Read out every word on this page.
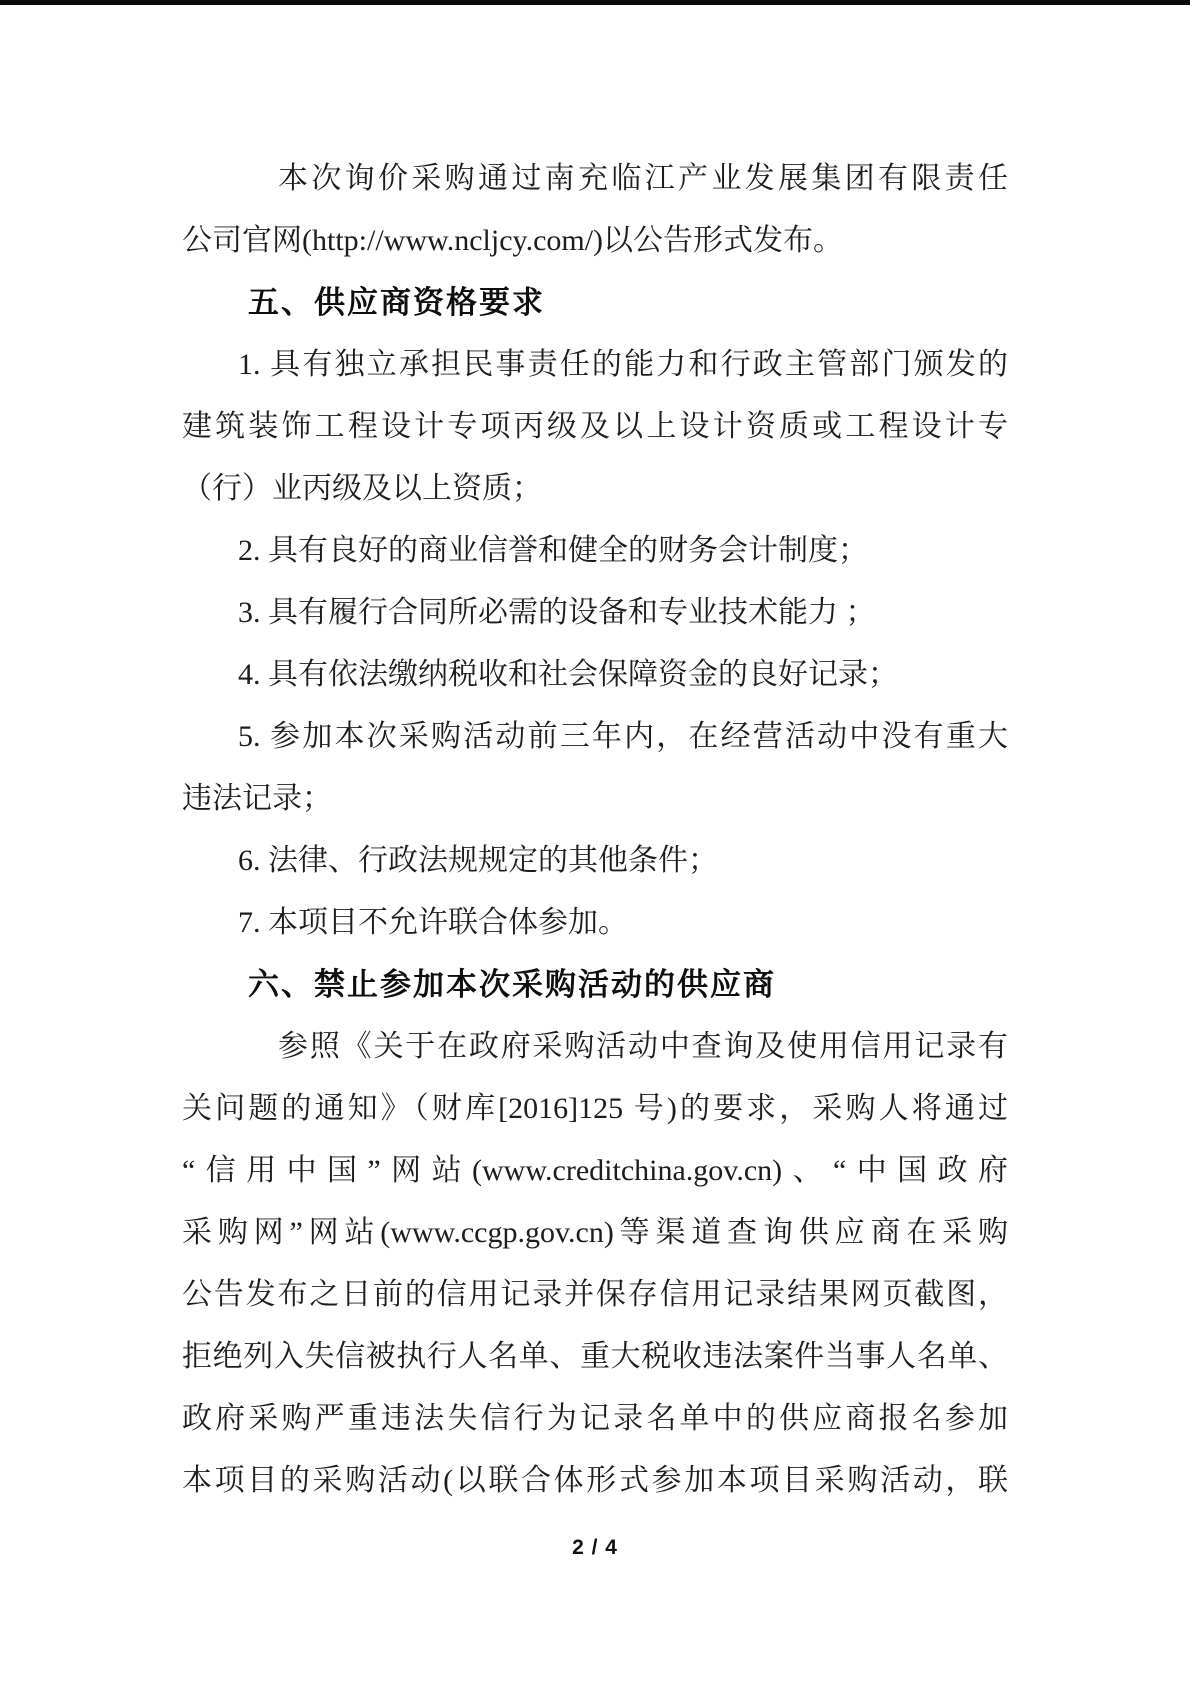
本次询价采购通过南充临江产业发展集团有限责任
公司官网(http://www.ncljcy.com/)以公告形式发布。
五、供应商资格要求
1. 具有独立承担民事责任的能力和行政主管部门颁发的
建筑装饰工程设计专项丙级及以上设计资质或工程设计专
（行）业丙级及以上资质；
2. 具有良好的商业信誉和健全的财务会计制度；
3. 具有履行合同所必需的设备和专业技术能力 ；
4. 具有依法缴纳税收和社会保障资金的良好记录；
5. 参加本次采购活动前三年内，在经营活动中没有重大
违法记录；
6. 法律、行政法规规定的其他条件；
7. 本项目不允许联合体参加。
六、禁止参加本次采购活动的供应商
参照《关于在政府采购活动中查询及使用信用记录有
关问题的通知》（财库[2016]125 号)的要求，采购人将通过
“信用中国”网站(www.creditchina.gov.cn)、“中国政府
采购网”网站(www.ccgp.gov.cn)等渠道查询供应商在采购
公告发布之日前的信用记录并保存信用记录结果网页截图，
拒绝列入失信被执行人名单、重大税收违法案件当事人名单、
政府采购严重违法失信行为记录名单中的供应商报名参加
本项目的采购活动(以联合体形式参加本项目采购活动，联
2 / 4
